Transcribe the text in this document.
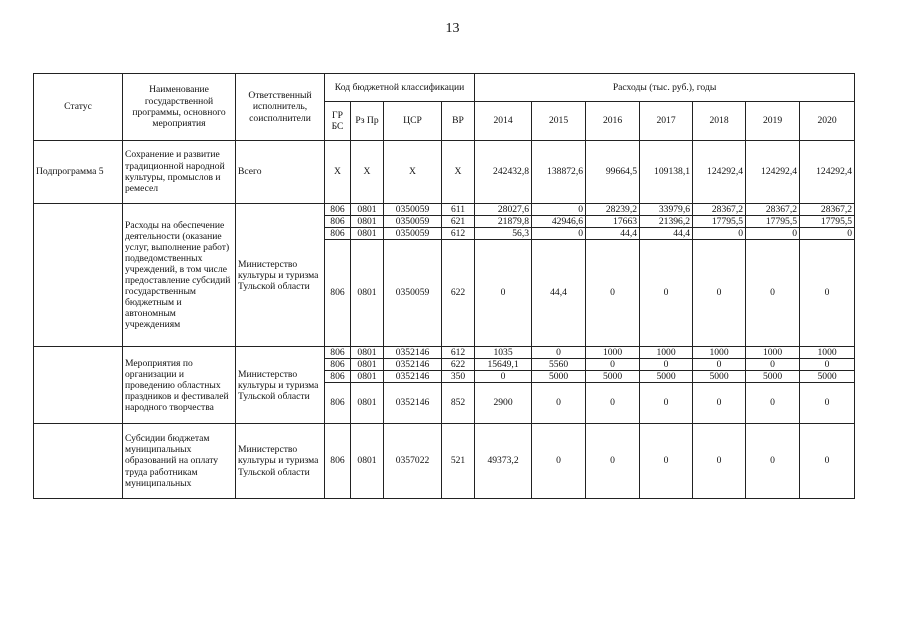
13
Статус	Наименование государственной программы, основного мероприятия	Ответственный исполнитель, соисполнители	Код бюджетной классификации				Расходы (тыс. руб.), годы						
			ГР БС	Рз Пр	ЦСР	ВР	2014	2015	2016	2017	2018	2019	2020
Подпрограмма 5	Сохранение и развитие традиционной народной культуры, промыслов и ремесел	Всего	Х	Х	Х	Х	242432,8	138872,6	99664,5	109138,1	124292,4	124292,4	124292,4
	Расходы на обеспечение деятельности (оказание услуг, выполнение работ) подведомственных учреждений, в том числе предоставление субсидий государственным бюджетным и автономным учреждениям	Министерство культуры и туризма Тульской области	806	0801	0350059	611	28027,6	0	28239,2	33979,6	28367,2	28367,2	28367,2
			806	0801	0350059	621	21879,8	42946,6	17663	21396,2	17795,5	17795,5	17795,5
			806	0801	0350059	612	56,3	0	44,4	44,4	0	0	0
			806	0801	0350059	622	0	44,4	0	0	0	0	0
	Мероприятия по организации и проведению областных праздников и фестивалей народного творчества	Министерство культуры и туризма Тульской области	806	0801	0352146	612	1035	0	1000	1000	1000	1000	1000
			806	0801	0352146	622	15649,1	5560	0	0	0	0	0
			806	0801	0352146	350	0	5000	5000	5000	5000	5000	5000
			806	0801	0352146	852	2900	0	0	0	0	0	0
	Субсидии бюджетам муниципальных образований на оплату труда работникам муниципальных	Министерство культуры и туризма Тульской области	806	0801	0357022	521	49373,2	0	0	0	0	0	0
